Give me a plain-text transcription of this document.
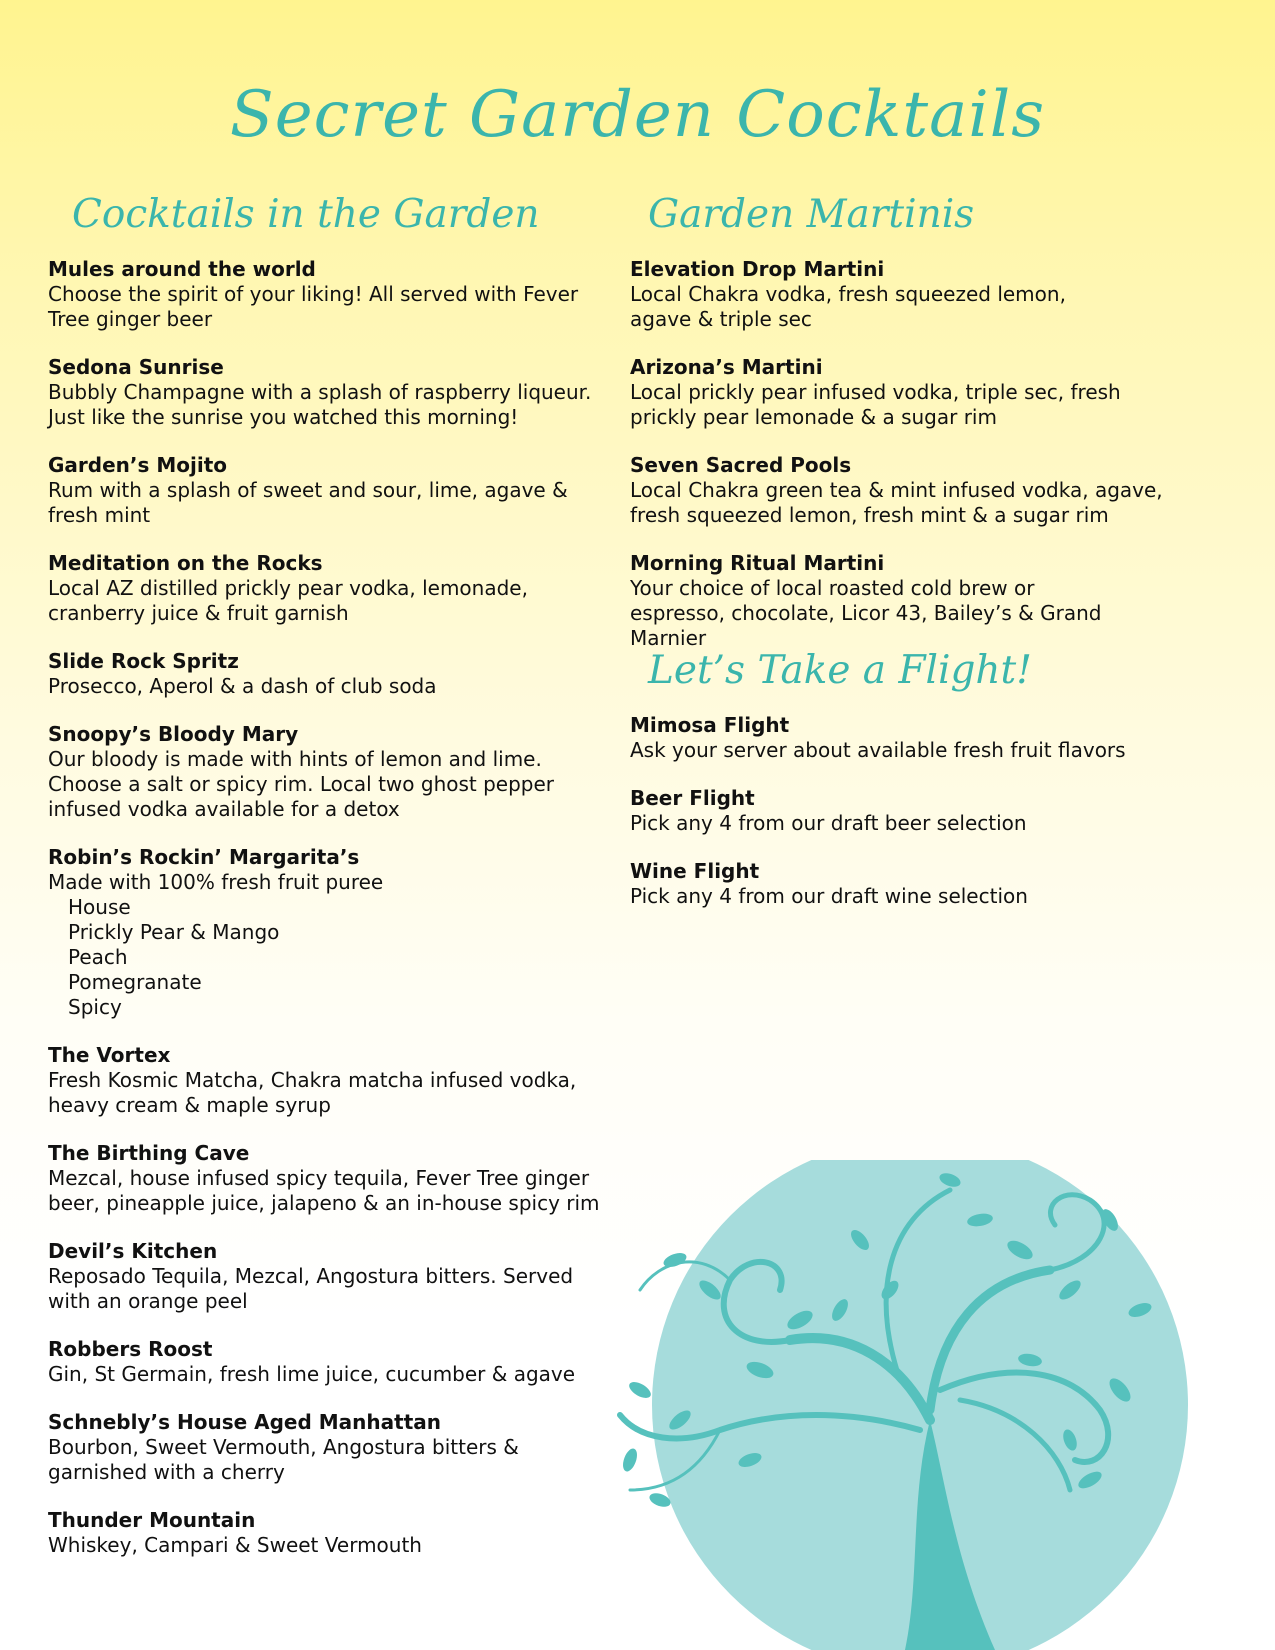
Secret Garden Cocktails
Cocktails in the Garden	Garden Martinis
Let’s Take a Flight!
Mules around the world
Choose the spirit of your liking! All served with Fever Tree ginger beer
Sedona Sunrise
Bubbly Champagne with a splash of raspberry liqueur. Just like the sunrise you watched this morning!
Garden’s Mojito
Rum with a splash of sweet and sour, lime, agave & fresh mint
Meditation on the Rocks
Local AZ distilled prickly pear vodka, lemonade, cranberry juice & fruit garnish
Slide Rock Spritz
Prosecco, Aperol & a dash of club soda
Snoopy’s Bloody Mary
Our bloody is made with hints of lemon and lime. Choose a salt or spicy rim. Local two ghost pepper infused vodka available for a detox
Robin’s Rockin’ Margarita’s
Made with 100% fresh fruit puree
House
Prickly Pear & Mango
Peach
Pomegranate
Spicy
The Vortex
Fresh Kosmic Matcha, Chakra matcha infused vodka, heavy cream & maple syrup
The Birthing Cave
Mezcal, house infused spicy tequila, Fever Tree ginger beer, pineapple juice, jalapeno & an in-house spicy rim
Devil’s Kitchen
Reposado Tequila, Mezcal, Angostura bitters. Served with an orange peel
Robbers Roost
Gin, St Germain, fresh lime juice, cucumber & agave
Schnebly’s House Aged Manhattan
Bourbon, Sweet Vermouth, Angostura bitters & garnished with a cherry
Thunder Mountain
Whiskey, Campari & Sweet Vermouth
Elevation Drop Martini
Local Chakra vodka, fresh squeezed lemon, agave & triple sec
Arizona’s Martini
Local prickly pear infused vodka, triple sec, fresh prickly pear lemonade & a sugar rim
Seven Sacred Pools
Local Chakra green tea & mint infused vodka, agave, fresh squeezed lemon, fresh mint & a sugar rim
Morning Ritual Martini
Your choice of local roasted cold brew or espresso, chocolate, Licor 43, Bailey’s & Grand Marnier
Mimosa Flight
Ask your server about available fresh fruit flavors
Beer Flight
Pick any 4 from our draft beer selection
Wine Flight
Pick any 4 from our draft wine selection
